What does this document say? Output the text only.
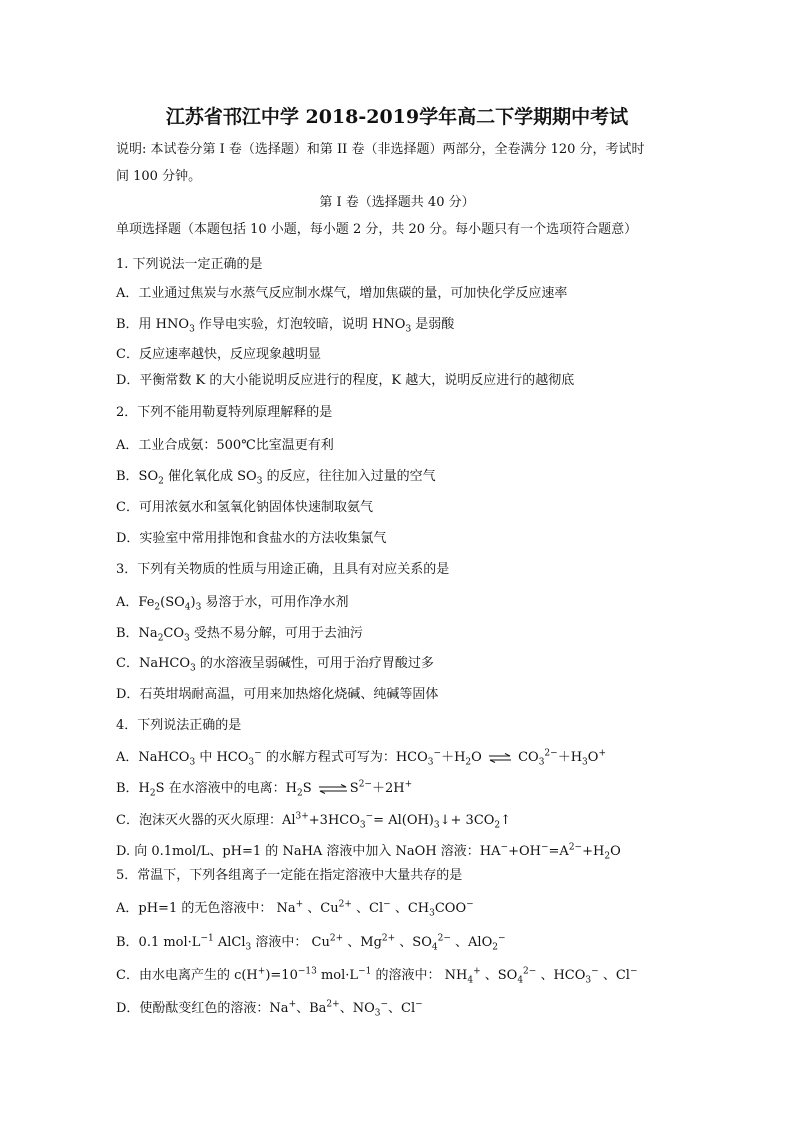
江苏省邗江中学 2018-2019学年高二下学期期中考试
说明: 本试卷分第 I 卷（选择题）和第 II 卷（非选择题）两部分，全卷满分 120 分，考试时
间 100 分钟。
第 I 卷（选择题共 40 分）
单项选择题（本题包括 10 小题，每小题 2 分，共 20 分。每小题只有一个选项符合题意）
1. 下列说法一定正确的是
A．工业通过焦炭与水蒸气反应制水煤气，增加焦碳的量，可加快化学反应速率
B．用 $HNO_3$ 作导电实验，灯泡较暗，说明 $HNO_3$ 是弱酸
C．反应速率越快，反应现象越明显
D．平衡常数 K 的大小能说明反应进行的程度，K 越大，说明反应进行的越彻底
2．下列不能用勒夏特列原理解释的是
A．工业合成氨：500℃比室温更有利
B．$SO_2$ 催化氧化成 $SO_3$ 的反应，往往加入过量的空气
C．可用浓氨水和氢氧化钠固体快速制取氨气
D．实验室中常用排饱和食盐水的方法收集氯气
3．下列有关物质的性质与用途正确，且具有对应关系的是
A．$Fe_2(SO_4)_3$ 易溶于水，可用作净水剂
B．$Na_2CO_3$ 受热不易分解，可用于去油污
C．NaHCO$_3$ 的水溶液呈弱碱性，可用于治疗胃酸过多
D．石英坩埚耐高温，可用来加热熔化烧碱、纯碱等固体
4．下列说法正确的是
A．NaHCO$_3$ 中 $HCO_3^-$ 的水解方程式可写为：$HCO_3^-+H_2O$ ⇌ $CO_3^{2-}+H_3O^+$
B．$H_2S$ 在水溶液中的电离：$H_2S$ ⇌ $S^{2-}+2H^+$
C．泡沫灭火器的灭火原理：$Al^{3+}+3HCO_3^-=$ $Al(OH)_3↓+$ $3CO_2↑$
D. 向 0.1mol/L、pH=1 的 NaHA 溶液中加入 NaOH 溶液：$HA^-+OH^-=A^{2-}+H_2O$
5．常温下，下列各组离子一定能在指定溶液中大量共存的是
A．pH=1 的无色溶液中： Na+ 、$Cu^{2+}$ 、Cl− 、$CH_3COO^-$
B．0.1 $mol\cdot L^{-1}$ AlCl$_3$ 溶液中： $Cu^{2+}$ 、$Mg^{2+}$ 、$SO_4^{2-}$ 、AlO$_2$−
C．由水电离产生的 $c(H^+)=10^{-13}$ $mol\cdot L^{-1}$ 的溶液中： $NH_4^+$ 、$SO_4^{2-}$ 、$HCO_3^-$ 、Cl−
D．使酚酞变红色的溶液：Na+、$Ba^{2+}$、$NO_3^-$、Cl−
